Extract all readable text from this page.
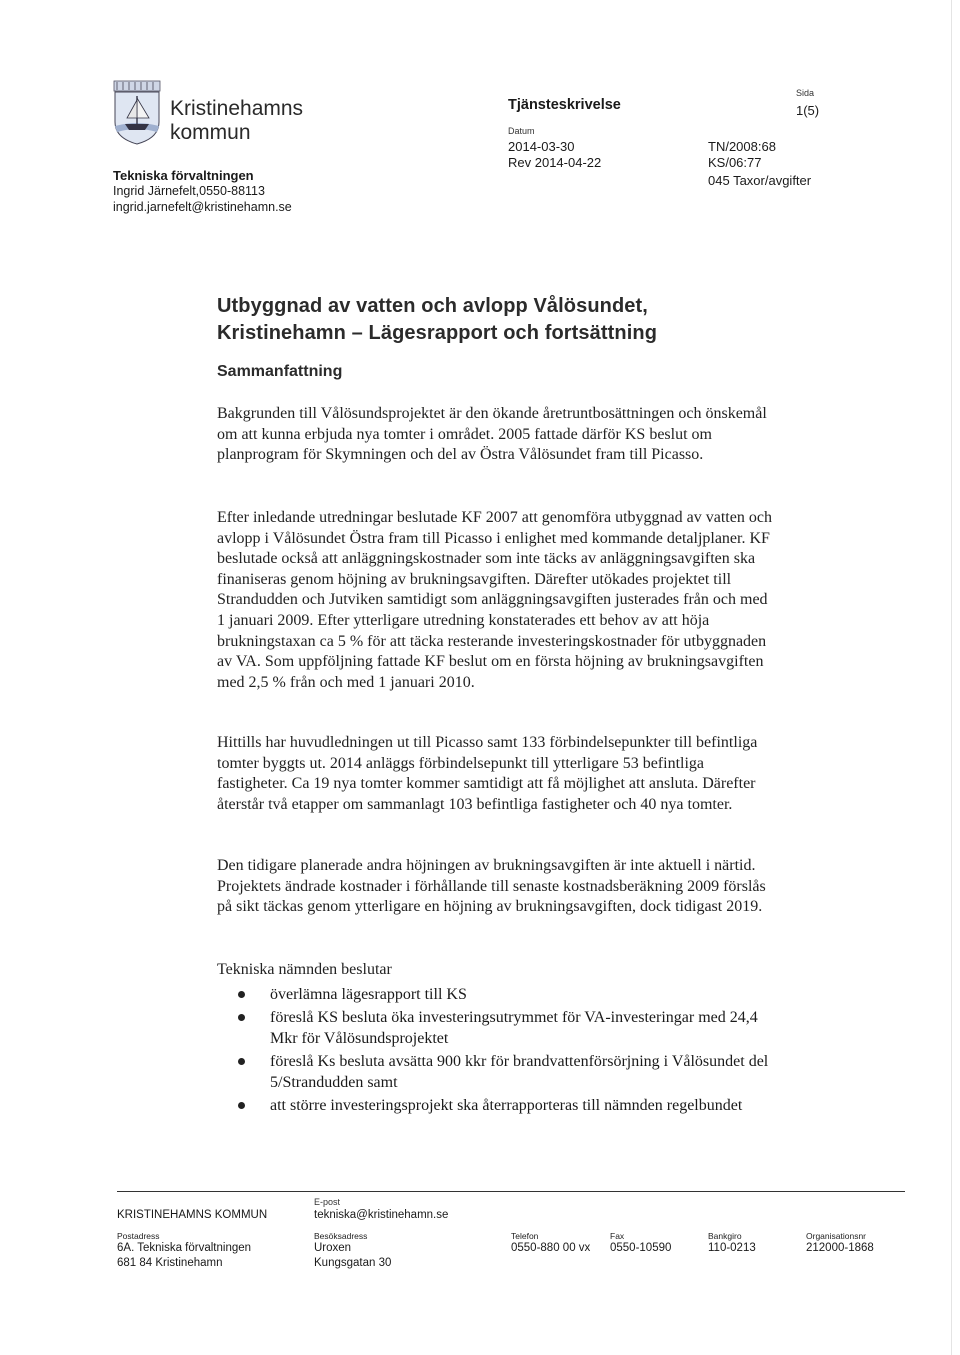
Kristinehamns
kommun
Tekniska förvaltningen
Ingrid Järnefelt,0550-88113
ingrid.jarnefelt@kristinehamn.se
Tjänsteskrivelse
Datum
2014-03-30
Rev 2014-04-22
TN/2008:68
KS/06:77
045 Taxor/avgifter
Sida
1(5)
Utbyggnad av vatten och avlopp Vålösundet,
Kristinehamn – Lägesrapport och fortsättning
Sammanfattning

Bakgrunden till Vålösundsprojektet är den ökande åretruntbosättningen och önskemål om att kunna erbjuda nya tomter i området. 2005 fattade därför KS beslut om planprogram för Skymningen och del av Östra Vålösundet fram till Picasso.

Efter inledande utredningar beslutade KF 2007 att genomföra utbyggnad av vatten och avlopp i Vålösundet Östra fram till Picasso i enlighet med kommande detaljplaner. KF beslutade också att anläggningskostnader som inte täcks av anläggningsavgiften ska finaniseras genom höjning av brukningsavgiften. Därefter utökades projektet till Strandudden och Jutviken samtidigt som anläggningsavgiften justerades från och med 1 januari 2009. Efter ytterligare utredning konstaterades ett behov av att höja brukningstaxan ca 5 % för att täcka resterande investeringskostnader för utbyggnaden av VA. Som uppföljning fattade KF beslut om en första höjning av brukningsavgiften med 2,5 % från och med 1 januari 2010.

Hittills har huvudledningen ut till Picasso samt 133 förbindelsepunkter till befintliga tomter byggts ut. 2014 anläggs förbindelsepunkt till ytterligare 53 befintliga fastigheter. Ca 19 nya tomter kommer samtidigt att få möjlighet att ansluta. Därefter återstår två etapper om sammanlagt 103 befintliga fastigheter och 40 nya tomter.

Den tidigare planerade andra höjningen av brukningsavgiften är inte aktuell i närtid. Projektets ändrade kostnader i förhållande till senaste kostnadsberäkning 2009 förslås på sikt täckas genom ytterligare en höjning av brukningsavgiften, dock tidigast 2019.

Tekniska nämnden beslutar

överlämna lägesrapport till KS
föreslå KS besluta öka investeringsutrymmet för VA-investeringar med 24,4 Mkr för Vålösundsprojektet
föreslå Ks besluta avsätta 900 kkr för brandvattenförsörjning i Vålösundet del 5/Strandudden samt
att större investeringsprojekt ska återrapporteras till nämnden regelbundet
E-post
KRISTINEHAMNS KOMMUN	tekniska@kristinehamn.se
Postadress
6A. Tekniska förvaltningen
681 84 Kristinehamn
Besöksadress
Uroxen
Kungsgatan 30
Telefon
0550-880 00 vx
Fax
0550-10590
Bankgiro
110-0213
Organisationsnr
212000-1868
